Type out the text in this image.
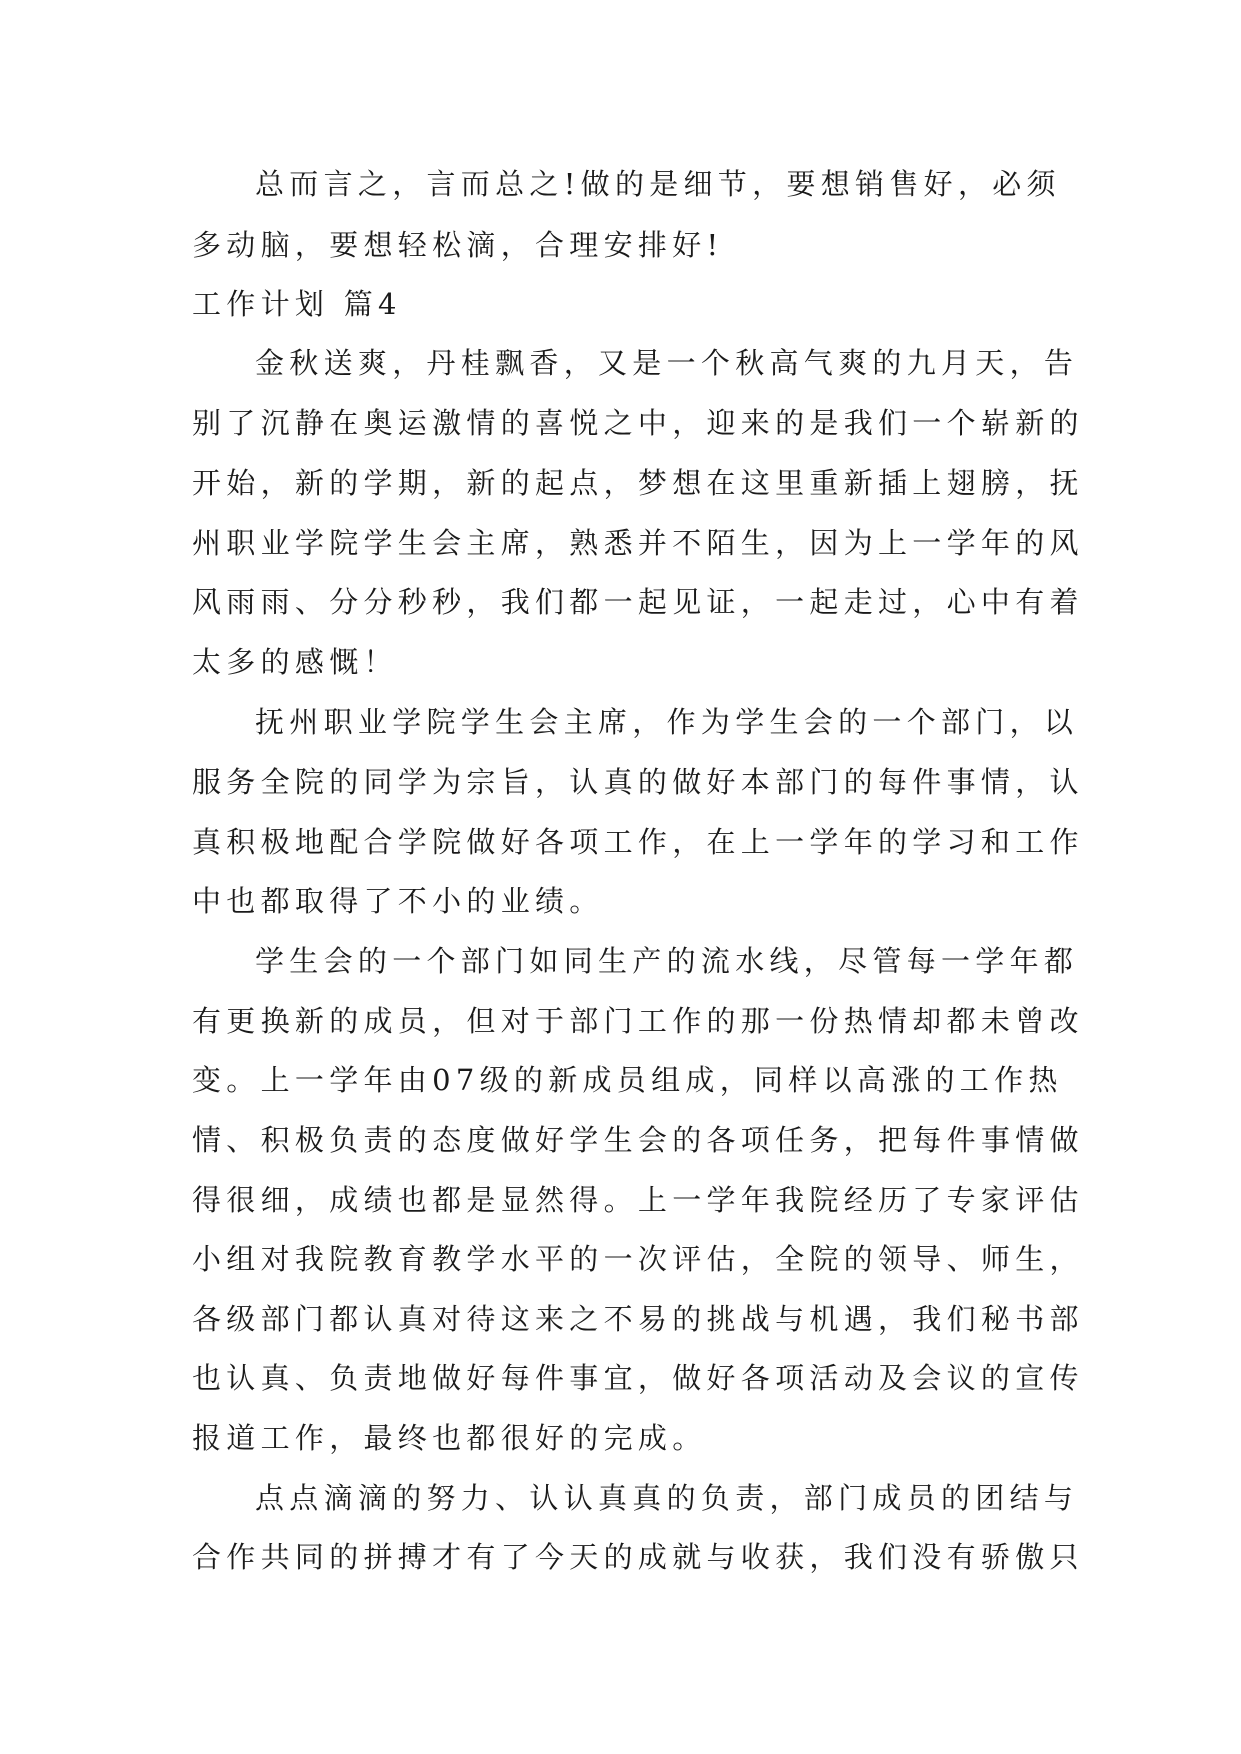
总而言之，言而总之!做的是细节，要想销售好，必须
多动脑，要想轻松滴，合理安排好!
工作计划 篇4
金秋送爽，丹桂飘香，又是一个秋高气爽的九月天，告
别了沉静在奥运激情的喜悦之中，迎来的是我们一个崭新的
开始，新的学期，新的起点，梦想在这里重新插上翅膀，抚
州职业学院学生会主席，熟悉并不陌生，因为上一学年的风
风雨雨、分分秒秒，我们都一起见证，一起走过，心中有着
太多的感慨！
抚州职业学院学生会主席，作为学生会的一个部门，以
服务全院的同学为宗旨，认真的做好本部门的每件事情，认
真积极地配合学院做好各项工作，在上一学年的学习和工作
中也都取得了不小的业绩。
学生会的一个部门如同生产的流水线，尽管每一学年都
有更换新的成员，但对于部门工作的那一份热情却都未曾改
变。上一学年由07级的新成员组成，同样以高涨的工作热
情、积极负责的态度做好学生会的各项任务，把每件事情做
得很细，成绩也都是显然得。上一学年我院经历了专家评估
小组对我院教育教学水平的一次评估，全院的领导、师生，
各级部门都认真对待这来之不易的挑战与机遇，我们秘书部
也认真、负责地做好每件事宜，做好各项活动及会议的宣传
报道工作，最终也都很好的完成。
点点滴滴的努力、认认真真的负责，部门成员的团结与
合作共同的拼搏才有了今天的成就与收获，我们没有骄傲只
